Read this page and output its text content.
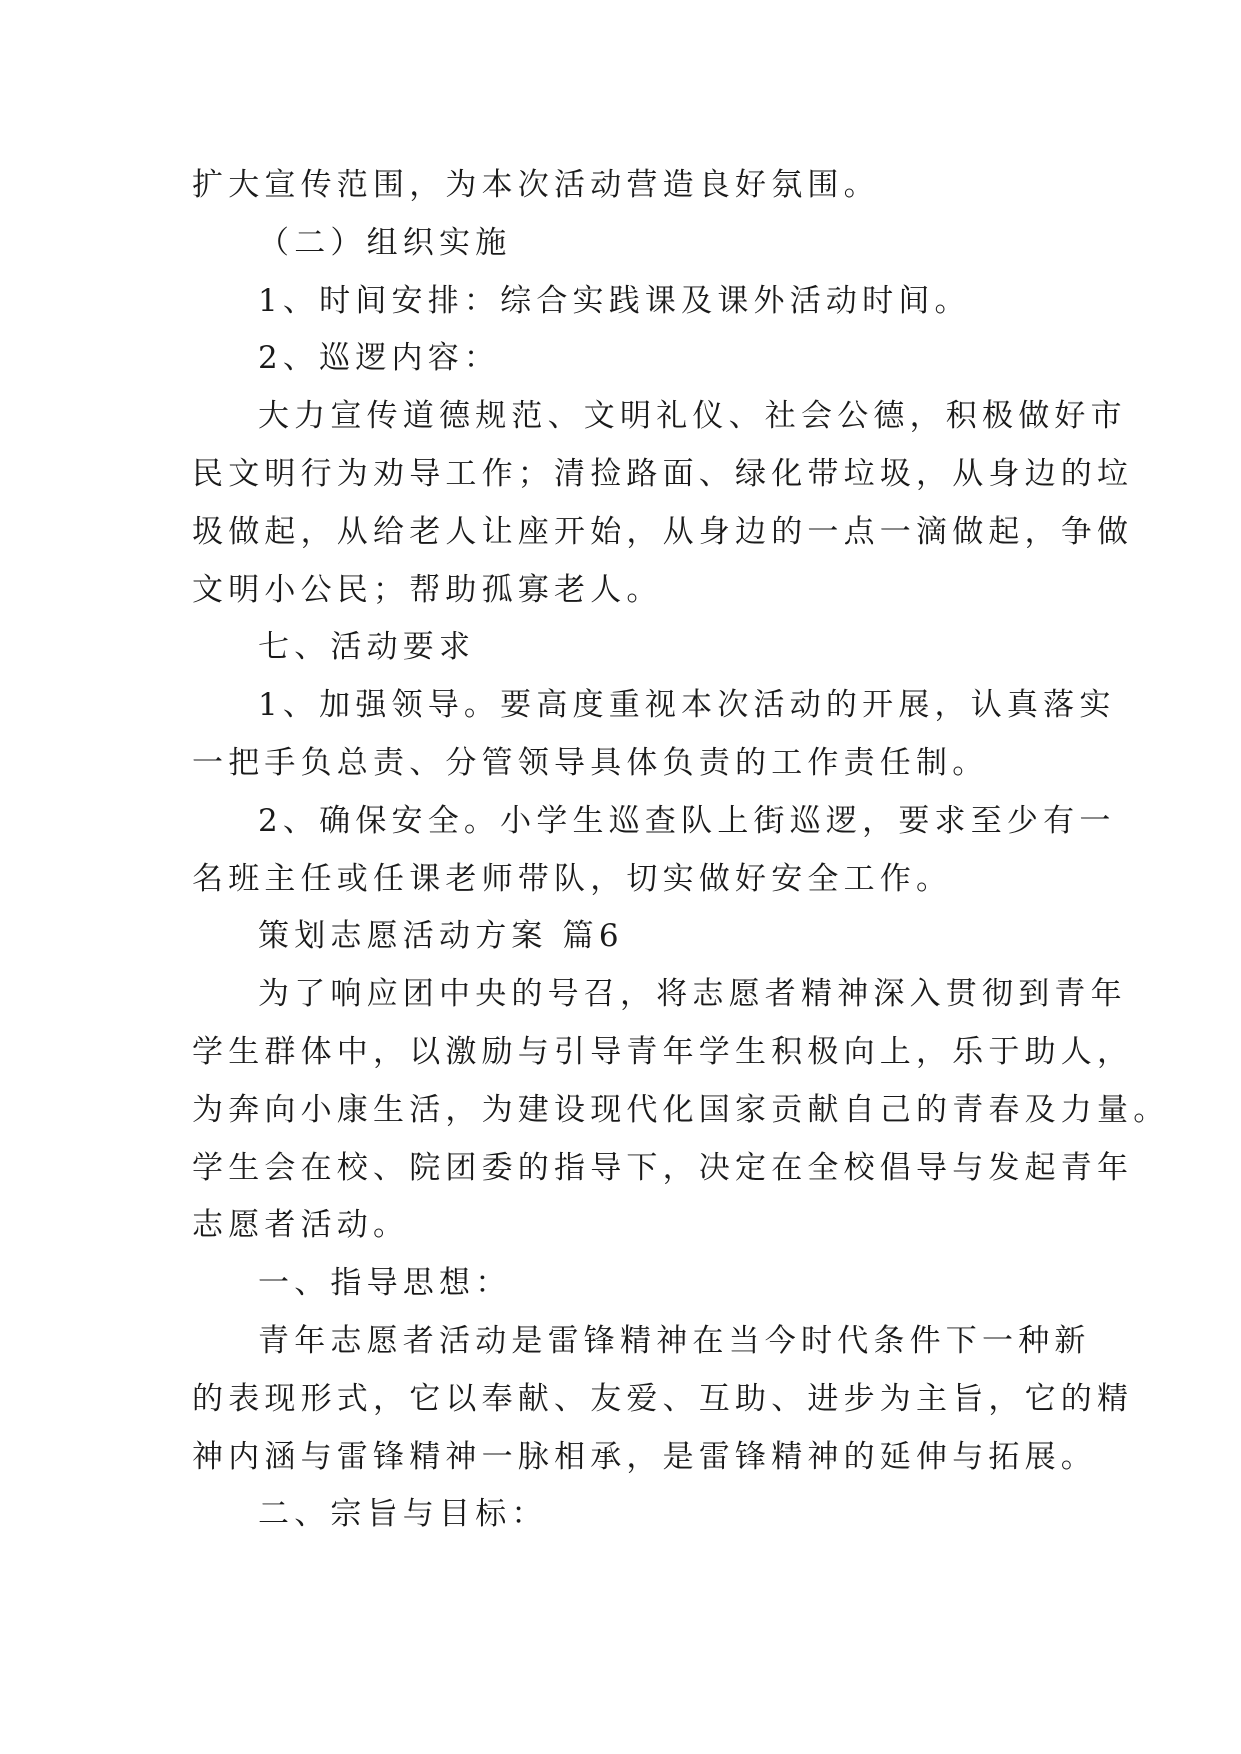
扩大宣传范围，为本次活动营造良好氛围。

（二）组织实施

1、时间安排：综合实践课及课外活动时间。

2、巡逻内容：

大力宣传道德规范、文明礼仪、社会公德，积极做好市

民文明行为劝导工作；清捡路面、绿化带垃圾，从身边的垃

圾做起，从给老人让座开始，从身边的一点一滴做起，争做

文明小公民；帮助孤寡老人。

七、活动要求

1、加强领导。要高度重视本次活动的开展，认真落实

一把手负总责、分管领导具体负责的工作责任制。

2、确保安全。小学生巡查队上街巡逻，要求至少有一

名班主任或任课老师带队，切实做好安全工作。

策划志愿活动方案 篇6

为了响应团中央的号召，将志愿者精神深入贯彻到青年

学生群体中，以激励与引导青年学生积极向上，乐于助人，

为奔向小康生活，为建设现代化国家贡献自己的青春及力量。

学生会在校、院团委的指导下，决定在全校倡导与发起青年

志愿者活动。

一、指导思想：

青年志愿者活动是雷锋精神在当今时代条件下一种新

的表现形式，它以奉献、友爱、互助、进步为主旨，它的精

神内涵与雷锋精神一脉相承，是雷锋精神的延伸与拓展。

二、宗旨与目标：
